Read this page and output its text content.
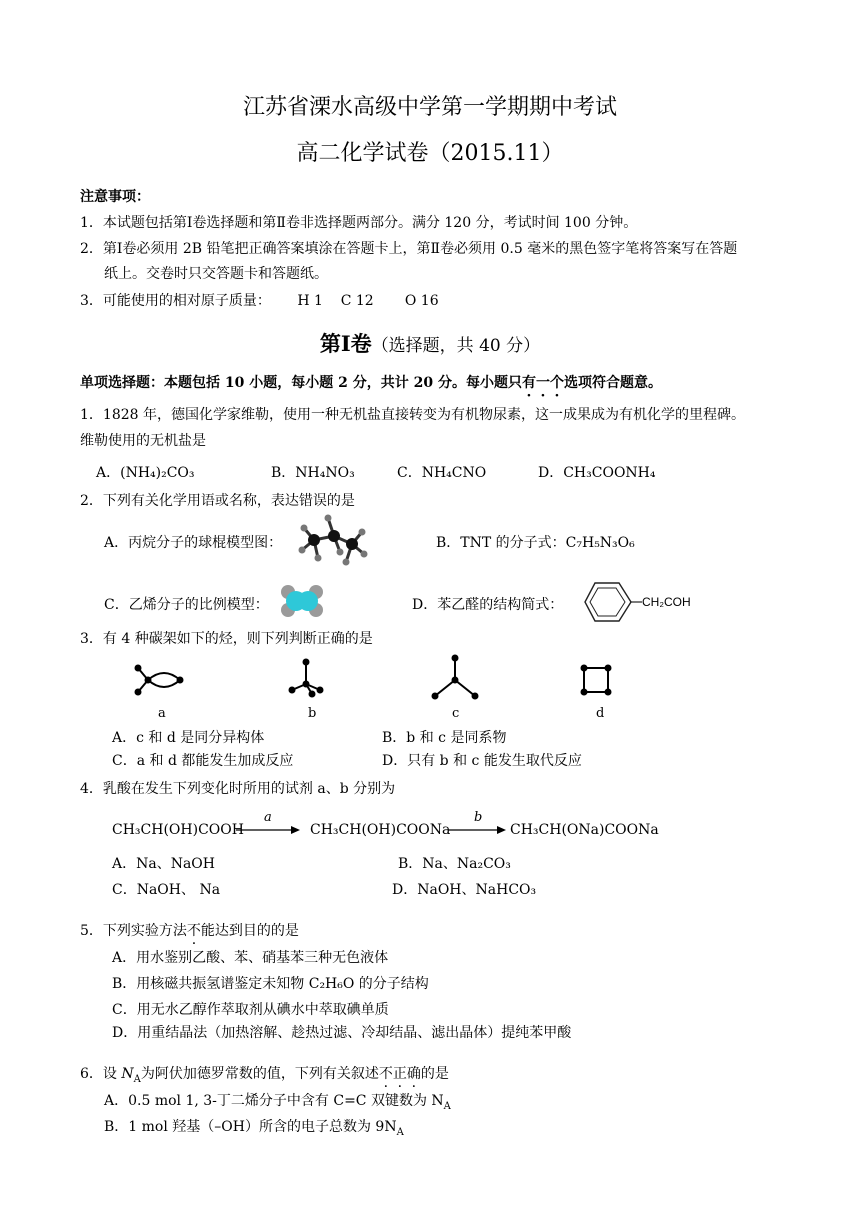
江苏省溧水高级中学第一学期期中考试
高二化学试卷（2015.11）
注意事项：
1．本试题包括第Ⅰ卷选择题和第Ⅱ卷非选择题两部分。满分 120 分，考试时间 100 分钟。
2．第Ⅰ卷必须用 2B 铅笔把正确答案填涂在答题卡上，第Ⅱ卷必须用 0.5 毫米的黑色签字笔将答案写在答题
纸上。交卷时只交答题卡和答题纸。
3．可能使用的相对原子质量： H 1    C 12       O 16
第Ⅰ卷（选择题，共 40 分）
单项选择题：本题包括 10 小题，每小题 2 分，共计 20 分。每小题只有一个选项符合题意。
1．1828 年，德国化学家维勒，使用一种无机盐直接转变为有机物尿素，这一成果成为有机化学的里程碑。
维勒使用的无机盐是
A．(NH₄)₂CO₃	B．NH₄NO₃	C．NH₄CNO	D．CH₃COONH₄
2．下列有关化学用语或名称，表达错误的是
A．丙烷分子的球棍模型图：	B．TNT 的分子式：C₇H₅N₃O₆
C．乙烯分子的比例模型：	D．苯乙醛的结构简式：	CH₂COH
3．有 4 种碳架如下的烃，则下列判断正确的是
a	b	c	d
A．c 和 d 是同分异构体	B．b 和 c 是同系物
C．a 和 d 都能发生加成反应	D．只有 b 和 c 能发生取代反应
4．乳酸在发生下列变化时所用的试剂 a、b 分别为
CH₃CH(OH)COOH
a
CH₃CH(OH)COONa
b
CH₃CH(ONa)COONa
A．Na、NaOH	B．Na、Na₂CO₃
C．NaOH、 Na	D．NaOH、NaHCO₃
5．下列实验方法不能达到目的的是
A．用水鉴别乙酸、苯、硝基苯三种无色液体
B．用核磁共振氢谱鉴定未知物 C₂H₆O 的分子结构
C．用无水乙醇作萃取剂从碘水中萃取碘单质
D．用重结晶法（加热溶解、趁热过滤、冷却结晶、滤出晶体）提纯苯甲酸
6．设 $N_A$为阿伏加德罗常数的值，下列有关叙述不正确的是
A．0.5 mol 1, 3-丁二烯分子中含有 C=C 双键数为 $N_A$
B．1 mol 羟基（–OH）所含的电子总数为 $9N_A$
